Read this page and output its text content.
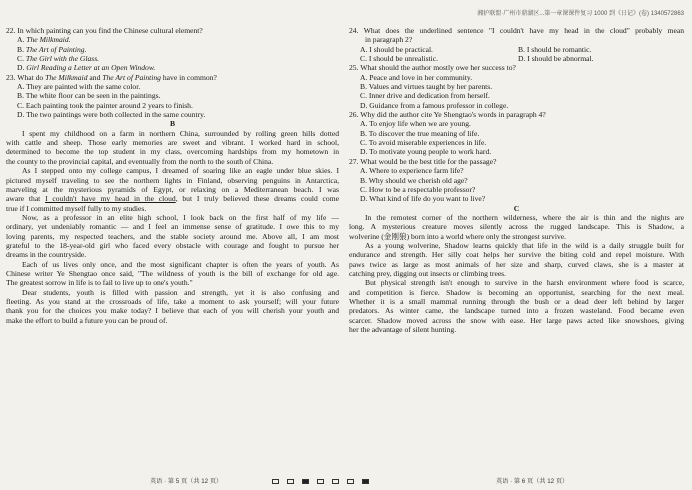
湘护联盟·广州市鼎湖区...第一章课课件复习 1000 到《日记》(卷) 1340572863
22. In which painting can you find the Chinese cultural element?
A. The Milkmaid.
B. The Art of Painting.
C. The Girl with the Glass.
D. Girl Reading a Letter at an Open Window.
23. What do The Milkmaid and The Art of Painting have in common?
A. They are painted with the same color.
B. The white floor can be seen in the paintings.
C. Each painting took the painter around 2 years to finish.
D. The two paintings were both collected in the same country.
B
I spent my childhood on a farm in northern China, surrounded by rolling green hills dotted
with cattle and sheep. Those early memories are sweet and vibrant. I worked hard in school,
determined to become the top student in my class, overcoming hardships from my hometown in
the county to the provincial capital, and eventually from the north to the south of China.
As I stepped onto my college campus, I dreamed of soaring like an eagle under blue skies. I
pictured myself traveling to see the northern lights in Finland, observing penguins in Antarctica,
marveling at the mysterious pyramids of Egypt, or relaxing on a Mediterranean beach. I was
aware that I couldn't have my head in the cloud, but I truly believed these dreams could come
true if I committed myself fully to my studies.
Now, as a professor in an elite high school, I look back on the first half of my life —
ordinary, yet undeniably romantic — and I feel an immense sense of gratitude. I owe this to my
loving parents, my respected teachers, and the stable society around me. Above all, I am most
grateful to the 18-year-old girl who faced every obstacle with courage and fought to pursue her
dreams in the countryside.
Each of us lives only once, and the most significant chapter is often the years of youth. As
Chinese writer Ye Shengtao once said, "The wildness of youth is the bill of exchange for old age.
The greatest sorrow in life is to fail to live up to one's youth."
Dear students, youth is filled with passion and strength, yet it is also confusing and
fleeting. As you stand at the crossroads of life, take a moment to ask yourself; will your future
thank you for the choices you make today? I believe that each of you will cherish your youth and
make the effort to build a future you can be proud of.
24. What does the underlined sentence "I couldn't have my head in the cloud" probably mean
in paragraph 2?
A. I should be practical.	B. I should be romantic.
C. I should be unrealistic.	D. I should be abnormal.
25. What should the author mostly owe her success to?
A. Peace and love in her community.
B. Values and virtues taught by her parents.
C. Inner drive and dedication from herself.
D. Guidance from a famous professor in college.
26. Why did the author cite Ye Shengtao's words in paragraph 4?
A. To enjoy life when we are young.
B. To discover the true meaning of life.
C. To avoid miserable experiences in life.
D. To motivate young people to work hard.
27. What would be the best title for the passage?
A. Where to experience farm life?
B. Why should we cherish old age?
C. How to be a respectable professor?
D. What kind of life do you want to live?
C
In the remotest corner of the northern wilderness, where the air is thin and the nights are
long. A mysterious creature moves silently across the rugged landscape. This is Shadow, a
wolverine (金刚狼) born into a world where only the strongest survive.
As a young wolverine, Shadow learns quickly that life in the wild is a daily struggle built for
endurance and strength. Her silly coat helps her survive the biting cold and repel moisture. With
paws twice as large as most animals of her size and sharp, curved claws, she is a master at
catching prey, digging out insects or climbing trees.
But physical strength isn't enough to survive in the harsh environment where food is scarce,
and competition is fierce. Shadow is becoming an opportunist, searching for the next meal.
Whether it is a small mammal running through the bush or a dead deer left behind by larger
predators. As winter came, the landscape turned into a frozen wasteland. Food became even
scarcer. Shadow moved across the snow with ease. Her large paws acted like snowshoes, giving
her the advantage of silent hunting.
英语 · 第 5 页（共 12 页）	英语 · 第 6 页（共 12 页）
